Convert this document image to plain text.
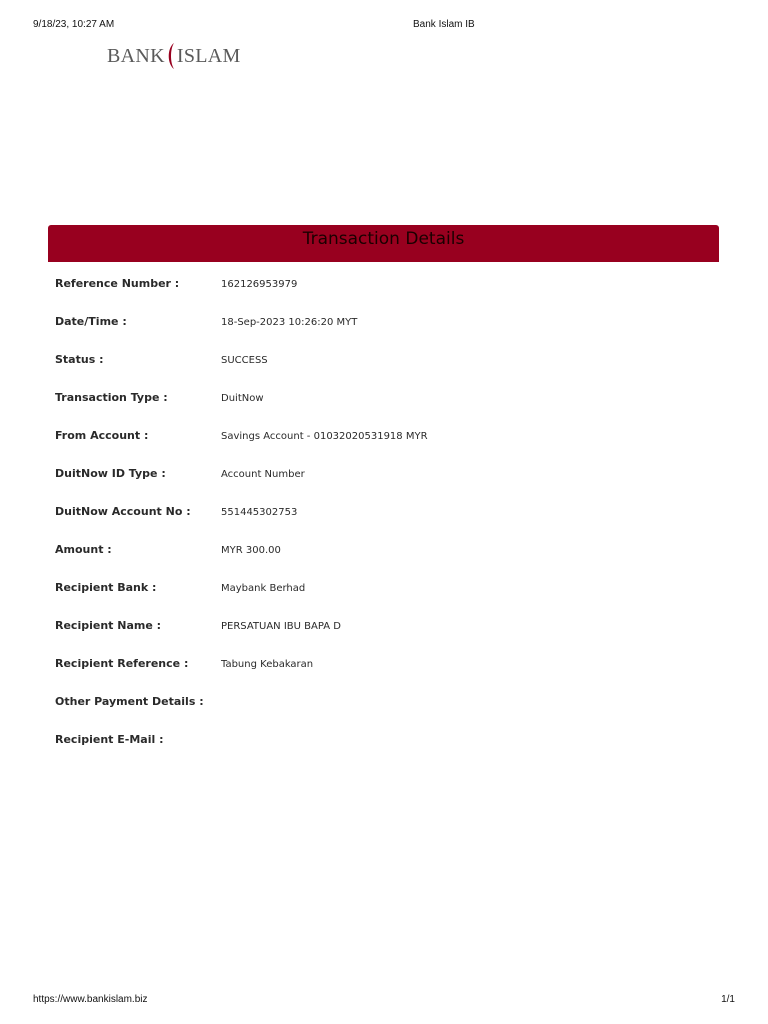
9/18/23, 10:27 AM	Bank Islam IB
BANK ISLAM
Transaction Details
Reference Number :	162126953979
Date/Time :	18-Sep-2023 10:26:20 MYT
Status :	SUCCESS
Transaction Type :	DuitNow
From Account :	Savings Account - 01032020531918 MYR
DuitNow ID Type :	Account Number
DuitNow Account No :	551445302753
Amount :	MYR 300.00
Recipient Bank :	Maybank Berhad
Recipient Name :	PERSATUAN IBU BAPA D
Recipient Reference :	Tabung Kebakaran
Other Payment Details :
Recipient E-Mail :
https://www.bankislam.biz	1/1
